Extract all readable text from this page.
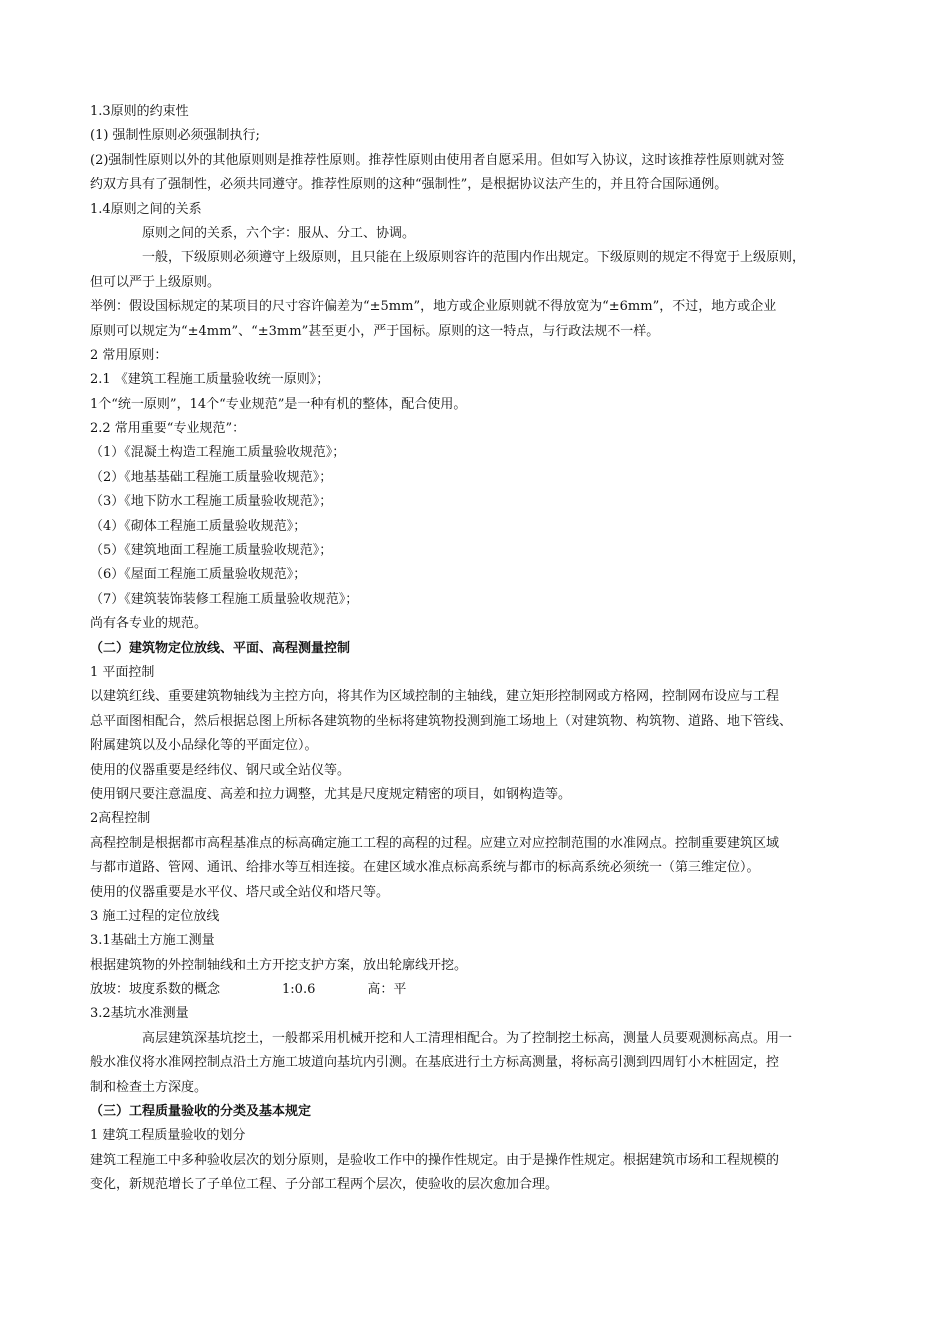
1.3原则的约束性
(1) 强制性原则必须强制执行;
(2)强制性原则以外的其他原则则是推荐性原则。推荐性原则由使用者自愿采用。但如写入协议，这时该推荐性原则就对签
约双方具有了强制性，必须共同遵守。推荐性原则的这种“强制性”，是根据协议法产生的，并且符合国际通例。
1.4原则之间的关系
原则之间的关系，六个字：服从、分工、协调。
一般，下级原则必须遵守上级原则，且只能在上级原则容许的范围内作出规定。下级原则的规定不得宽于上级原则，
但可以严于上级原则。
举例：假设国标规定的某项目的尺寸容许偏差为“±5mm”，地方或企业原则就不得放宽为“±6mm”，不过，地方或企业
原则可以规定为“±4mm”、“±3mm”甚至更小，严于国标。原则的这一特点，与行政法规不一样。
2 常用原则：
2.1 《建筑工程施工质量验收统一原则》；
1个“统一原则”，14个“专业规范”是一种有机的整体，配合使用。
2.2 常用重要“专业规范”：
（1）《混凝土构造工程施工质量验收规范》；
（2）《地基基础工程施工质量验收规范》；
（3）《地下防水工程施工质量验收规范》；
（4）《砌体工程施工质量验收规范》；
（5）《建筑地面工程施工质量验收规范》；
（6）《屋面工程施工质量验收规范》；
（7）《建筑装饰装修工程施工质量验收规范》；
尚有各专业的规范。
（二）建筑物定位放线、平面、高程测量控制
1 平面控制
以建筑红线、重要建筑物轴线为主控方向，将其作为区域控制的主轴线，建立矩形控制网或方格网，控制网布设应与工程
总平面图相配合，然后根据总图上所标各建筑物的坐标将建筑物投测到施工场地上（对建筑物、构筑物、道路、地下管线、
附属建筑以及小品绿化等的平面定位）。
使用的仪器重要是经纬仪、钢尺或全站仪等。
使用钢尺要注意温度、高差和拉力调整，尤其是尺度规定精密的项目，如钢构造等。
2高程控制
高程控制是根据都市高程基准点的标高确定施工工程的高程的过程。应建立对应控制范围的水准网点。控制重要建筑区域
与都市道路、管网、通讯、给排水等互相连接。在建区域水准点标高系统与都市的标高系统必须统一（第三维定位）。
使用的仪器重要是水平仪、塔尺或全站仪和塔尺等。
3 施工过程的定位放线
3.1基础土方施工测量
根据建筑物的外控制轴线和土方开挖支护方案，放出轮廓线开挖。
放坡：坡度系数的概念	1:0.6	高：平
3.2基坑水准测量
高层建筑深基坑挖土，一般都采用机械开挖和人工清理相配合。为了控制挖土标高，测量人员要观测标高点。用一
般水准仪将水准网控制点沿土方施工坡道向基坑内引测。在基底进行土方标高测量，将标高引测到四周钉小木桩固定，控
制和检查土方深度。
（三）工程质量验收的分类及基本规定
1 建筑工程质量验收的划分
建筑工程施工中多种验收层次的划分原则，是验收工作中的操作性规定。由于是操作性规定。根据建筑市场和工程规模的
变化，新规范增长了子单位工程、子分部工程两个层次，使验收的层次愈加合理。
